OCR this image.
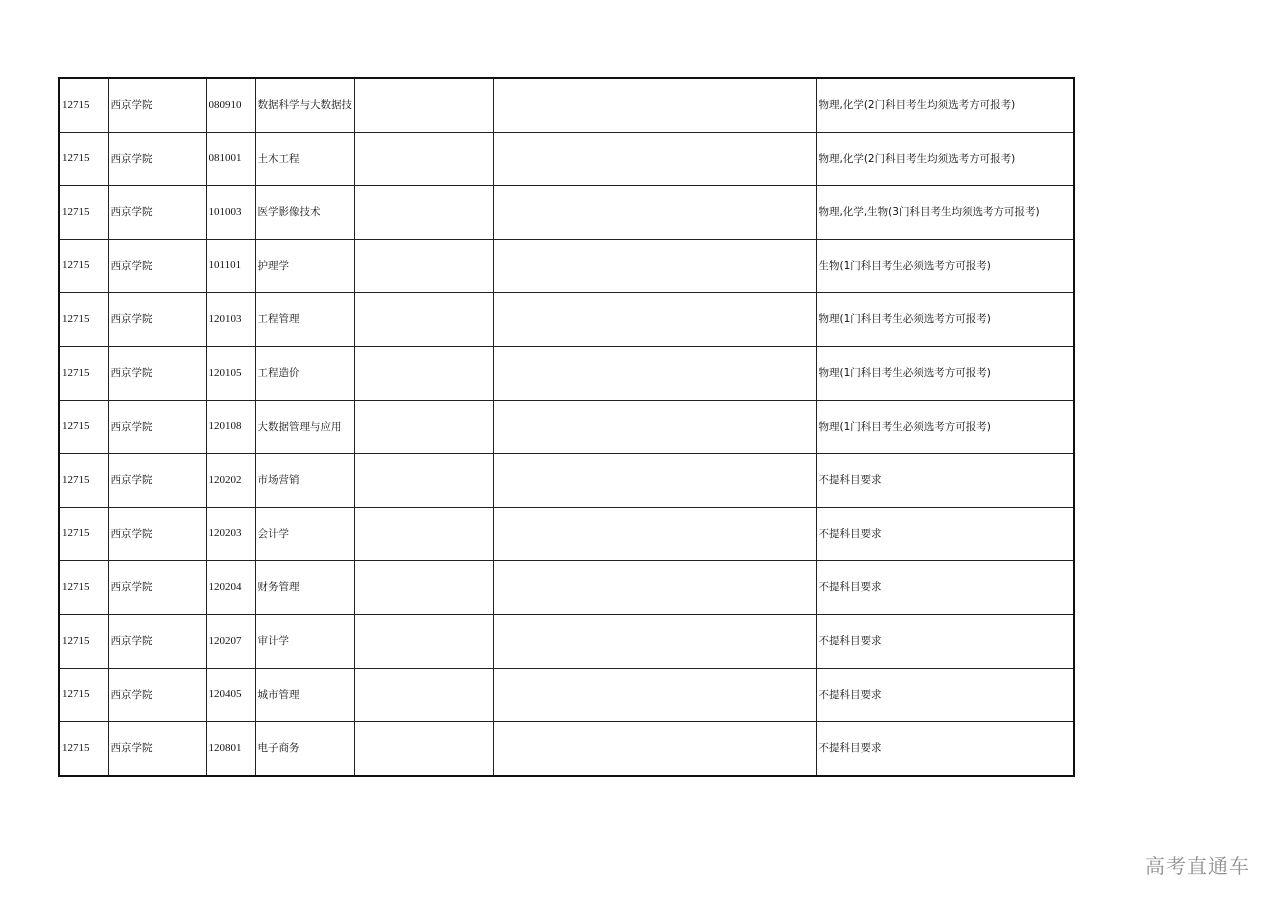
12715	西京学院	080910	数据科学与大数据技			物理,化学(2门科目考生均须选考方可报考)
12715	西京学院	081001	土木工程			物理,化学(2门科目考生均须选考方可报考)
12715	西京学院	101003	医学影像技术			物理,化学,生物(3门科目考生均须选考方可报考)
12715	西京学院	101101	护理学			生物(1门科目考生必须选考方可报考)
12715	西京学院	120103	工程管理			物理(1门科目考生必须选考方可报考)
12715	西京学院	120105	工程造价			物理(1门科目考生必须选考方可报考)
12715	西京学院	120108	大数据管理与应用			物理(1门科目考生必须选考方可报考)
12715	西京学院	120202	市场营销			不提科目要求
12715	西京学院	120203	会计学			不提科目要求
12715	西京学院	120204	财务管理			不提科目要求
12715	西京学院	120207	审计学			不提科目要求
12715	西京学院	120405	城市管理			不提科目要求
12715	西京学院	120801	电子商务			不提科目要求
高考直通车
